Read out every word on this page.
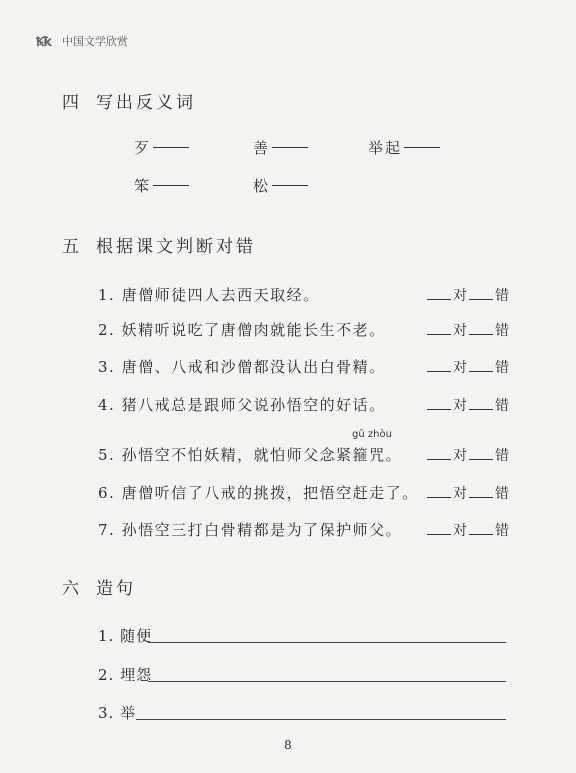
Ꝅꝁ 中国文学欣赏
四 写出反义词
歹	善	举起
笨	松
五 根据课文判断对错
1. 唐僧师徒四人去西天取经。	对 错
2. 妖精听说吃了唐僧肉就能长生不老。	对 错
3. 唐僧、八戒和沙僧都没认出白骨精。	对 错
4. 猪八戒总是跟师父说孙悟空的好话。	对 错
gū zhòu
5. 孙悟空不怕妖精，就怕师父念紧箍咒。	对 错
6. 唐僧听信了八戒的挑拨，把悟空赶走了。	对 错
7. 孙悟空三打白骨精都是为了保护师父。	对 错
六 造句
1. 随便
2. 埋怨
3. 举
8
